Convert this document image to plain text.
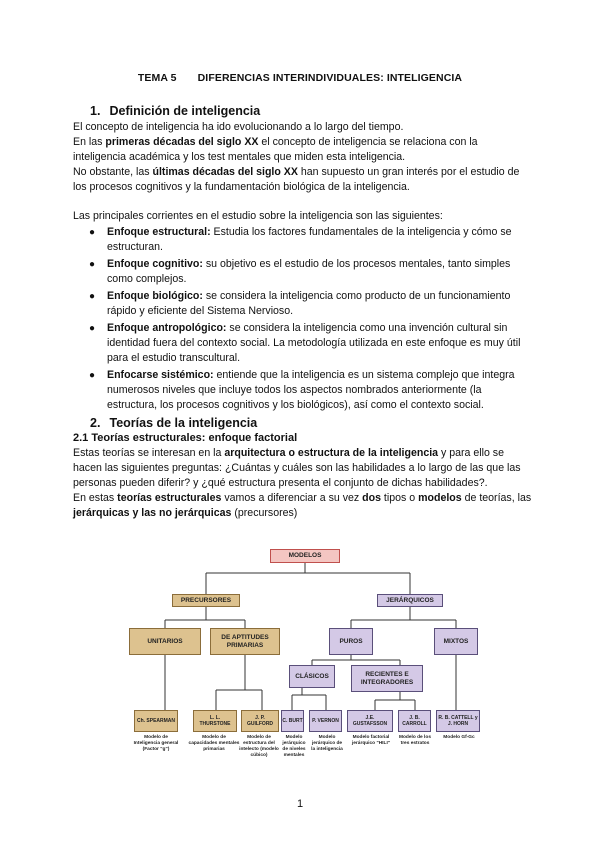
TEMA 5 DIFERENCIAS INTERINDIVIDUALES: INTELIGENCIA
1. Definición de inteligencia
El concepto de inteligencia ha ido evolucionando a lo largo del tiempo.
En las primeras décadas del siglo XX el concepto de inteligencia se relaciona con la inteligencia académica y los test mentales que miden esta inteligencia.
No obstante, las últimas décadas del siglo XX han supuesto un gran interés por el estudio de los procesos cognitivos y la fundamentación biológica de la inteligencia.
Las principales corrientes en el estudio sobre la inteligencia son las siguientes:
● Enfoque estructural: Estudia los factores fundamentales de la inteligencia y cómo se estructuran.
● Enfoque cognitivo: su objetivo es el estudio de los procesos mentales, tanto simples como complejos.
● Enfoque biológico: se considera la inteligencia como producto de un funcionamiento rápido y eficiente del Sistema Nervioso.
● Enfoque antropológico: se considera la inteligencia como una invención cultural sin identidad fuera del contexto social. La metodología utilizada en este enfoque es muy útil para el estudio transcultural.
● Enfocarse sistémico: entiende que la inteligencia es un sistema complejo que integra numerosos niveles que incluye todos los aspectos nombrados anteriormente (la estructura, los procesos cognitivos y los biológicos), así como el contexto social.
2. Teorías de la inteligencia
2.1 Teorías estructurales: enfoque factorial
Estas teorías se interesan en la arquitectura o estructura de la inteligencia y para ello se hacen las siguientes preguntas: ¿Cuántas y cuáles son las habilidades a lo largo de las que las personas pueden diferir? y ¿qué estructura presenta el conjunto de dichas habilidades?.
En estas teorías estructurales vamos a diferenciar a su vez dos tipos o modelos de teorías, las jerárquicas y las no jerárquicas (precursores)
MODELOS
PRECURSORES	JERÁRQUICOS
UNITARIOS
DE APTITUDES PRIMARIAS
PUROS	MIXTOS
CLÁSICOS	RECIENTES E INTEGRADORES
Ch. SPEARMAN	L. L. THURSTONE
J. P. GUILFORD	C. BURT	P. VERNON	J.E. GUSTAFSSON
J. B. CARROLL
R. B. CATTELL y J. HORN
Modelo de Inteligencia general (Factor "g")
Modelo de capacidades mentales primarias
Modelo de estructura del intelecto (modelo cúbico)
Modelo jerárquico de niveles mentales
Modelo jerárquico de la inteligencia
Modelo factorial jerárquico "HILI"
Modelo de los tres estratos
Modelo Gf-Gc
1
